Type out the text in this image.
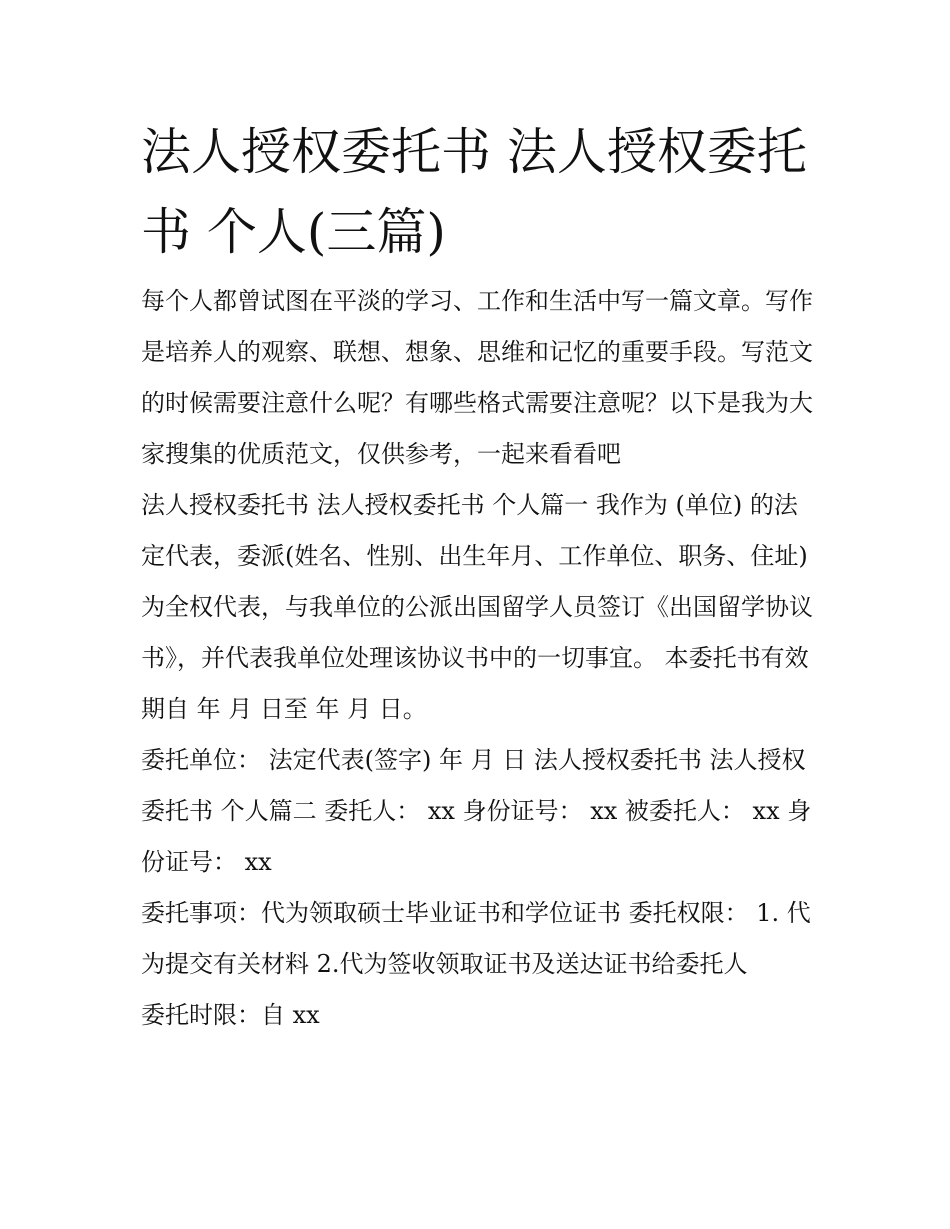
法人授权委托书 法人授权委托书 个人(三篇)

每个人都曾试图在平淡的学习、工作和生活中写一篇文章。写作是培养人的观察、联想、想象、思维和记忆的重要手段。写范文的时候需要注意什么呢？有哪些格式需要注意呢？以下是我为大家搜集的优质范文，仅供参考，一起来看看吧

法人授权委托书 法人授权委托书 个人篇一 我作为 (单位) 的法定代表，委派(姓名、性别、出生年月、工作单位、职务、住址)

为全权代表，与我单位的公派出国留学人员签订《出国留学协议书》，并代表我单位处理该协议书中的一切事宜。 本委托书有效期自 年 月 日至 年 月 日。

委托单位： 法定代表(签字) 年 月 日 法人授权委托书 法人授权委托书 个人篇二 委托人： xx 身份证号： xx 被委托人： xx 身份证号： xx

委托事项：代为领取硕士毕业证书和学位证书 委托权限： 1. 代为提交有关材料 2.代为签收领取证书及送达证书给委托人

委托时限：自 xx
